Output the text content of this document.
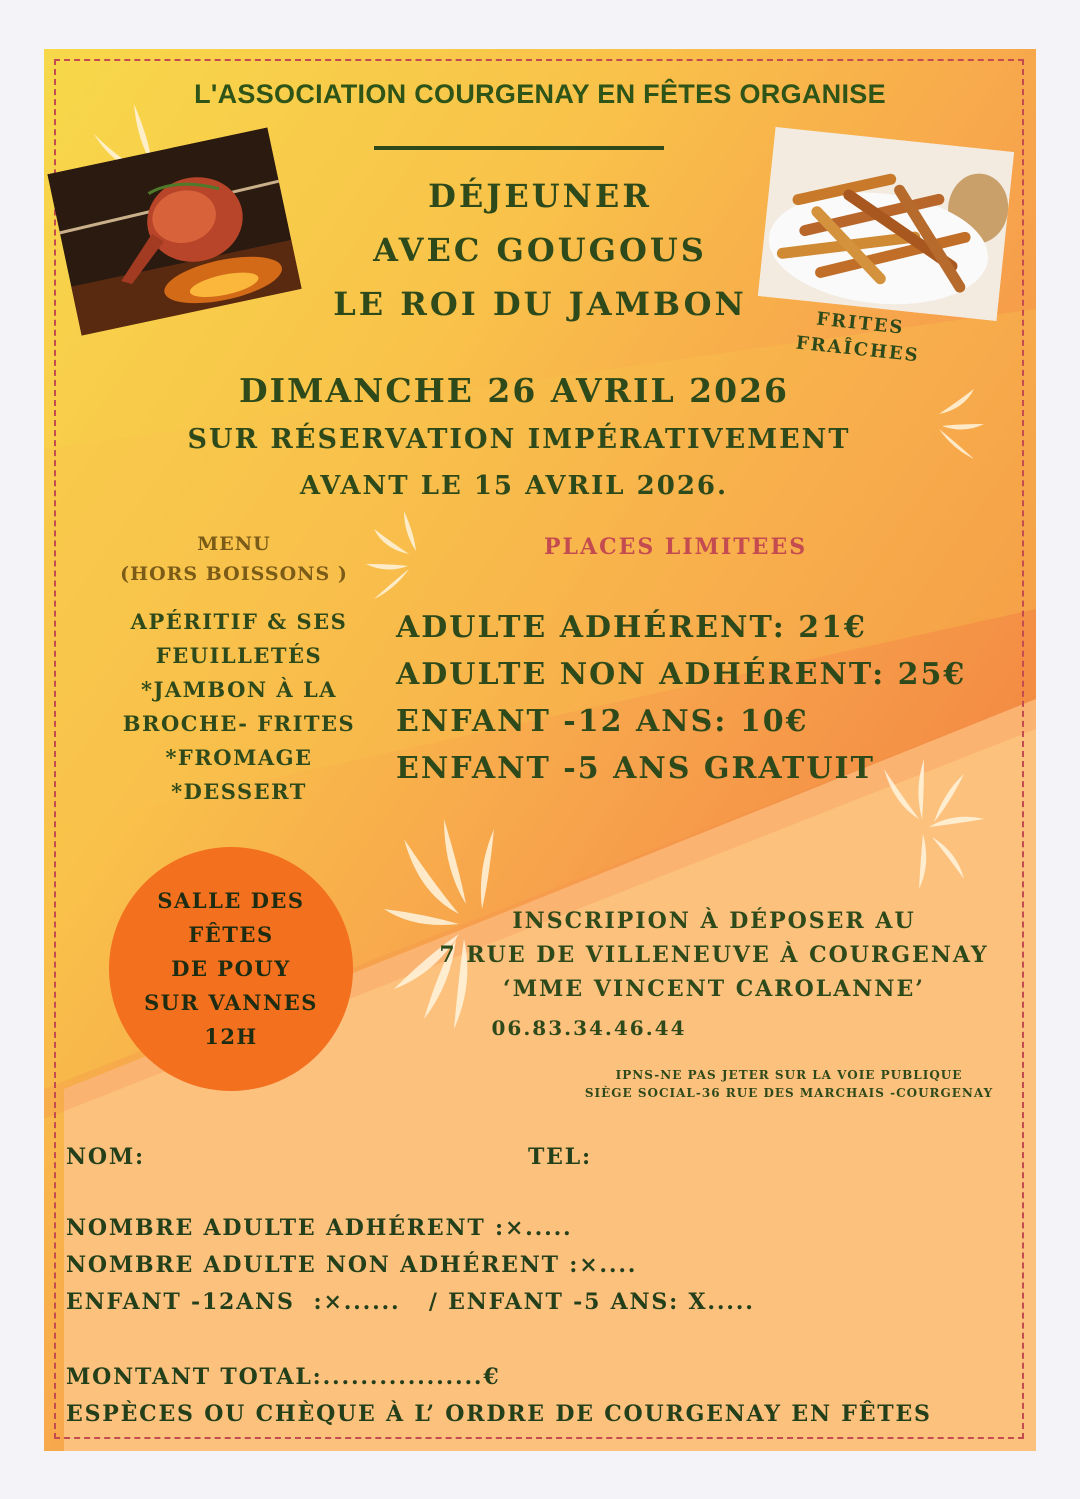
L'ASSOCIATION COURGENAY EN FÊTES ORGANISE
FRITES
FRAÎCHES
DÉJEUNER
AVEC GOUGOUS
LE ROI DU JAMBON
DIMANCHE 26 AVRIL 2026
SUR RÉSERVATION IMPÉRATIVEMENT
AVANT LE 15 AVRIL 2026.
MENU
(HORS BOISSONS )
PLACES LIMITEES
APÉRITIF & SES
FEUILLETÉS
*JAMBON À LA
BROCHE- FRITES
*FROMAGE
*DESSERT
ADULTE ADHÉRENT: 21€
ADULTE NON ADHÉRENT: 25€
ENFANT -12 ANS: 10€
ENFANT -5 ANS GRATUIT
SALLE DES
FÊTES
DE POUY
SUR VANNES
12H
INSCRIPION À DÉPOSER AU
7 RUE DE VILLENEUVE À COURGENAY
‘MME VINCENT CAROLANNE’
06.83.34.46.44
IPNS-NE PAS JETER SUR LA VOIE PUBLIQUE
SIÈGE SOCIAL-36 RUE DES MARCHAIS -COURGENAY
NOM:	TEL:
NOMBRE ADULTE ADHÉRENT :×.....
NOMBRE ADULTE NON ADHÉRENT :×....
ENFANT -12ANS  :×......   / ENFANT -5 ANS: X.....
MONTANT TOTAL:.................€
ESPÈCES OU CHÈQUE À L’ ORDRE DE COURGENAY EN FÊTES
